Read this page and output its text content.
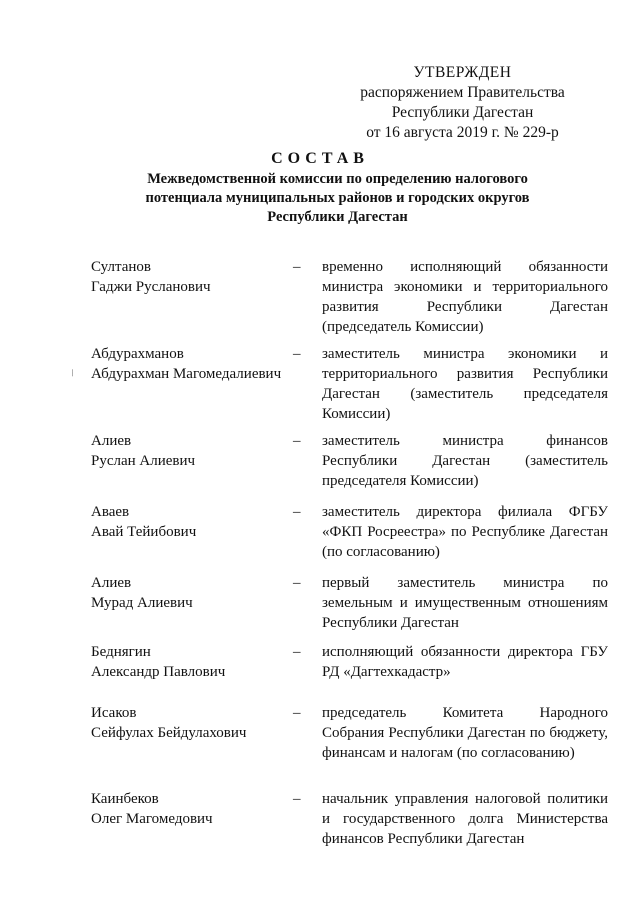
УТВЕРЖДЕН
распоряжением Правительства
Республики Дагестан
от 16 августа 2019 г. № 229-р
СОСТАВ
Межведомственной комиссии по определению налогового потенциала муниципальных районов и городских округов Республики Дагестан
\
Султанов
Гаджи Русланович
– временно исполняющий обязанности министра экономики и территориального развития Республики Дагестан (председатель Комиссии)
Абдурахманов
Абдурахман Магомедалиевич
– заместитель министра экономики и территориального развития Республики Дагестан (заместитель председателя Комиссии)
Алиев
Руслан Алиевич
– заместитель министра финансов Республики Дагестан (заместитель председателя Комиссии)
Аваев
Авай Тейибович
– заместитель директора филиала ФГБУ «ФКП Росреестра» по Республике Дагестан (по согласованию)
Алиев
Мурад Алиевич
– первый заместитель министра по земельным и имущественным отношениям Республики Дагестан
Беднягин
Александр Павлович
– исполняющий обязанности директора ГБУ РД «Дагтехкадастр»
Исаков
Сейфулах Бейдулахович
– председатель Комитета Народного Собрания Республики Дагестан по бюджету, финансам и налогам (по согласованию)
Каинбеков
Олег Магомедович
– начальник управления налоговой политики и государственного долга Министерства финансов Республики Дагестан
